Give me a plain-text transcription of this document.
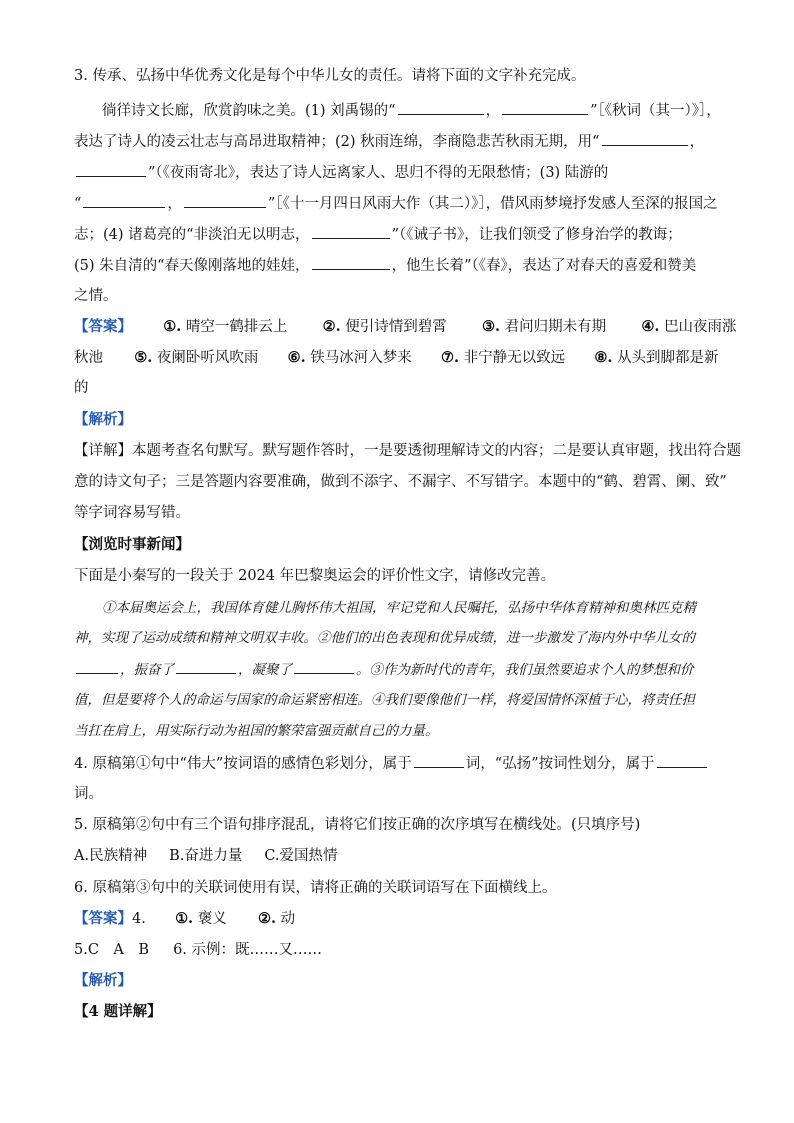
3. 传承、弘扬中华优秀文化是每个中华儿女的责任。请将下面的文字补充完成。
徜徉诗文长廊，欣赏韵味之美。(1) 刘禹锡的“	，	”［《秋词（其一）》］，
表达了诗人的凌云壮志与高昂进取精神；(2) 秋雨连绵，李商隐悲苦秋雨无期，用“	，
”（《夜雨寄北》，表达了诗人远离家人、思归不得的无限愁情；(3) 陆游的
“	，	”［《十一月四日风雨大作（其二）》］，借风雨梦境抒发感人至深的报国之
志；(4) 诸葛亮的“非淡泊无以明志，	”（《诫子书》，让我们领受了修身治学的教诲；
(5) 朱自清的“春天像刚落地的娃娃，	，他生长着”（《春》，表达了对春天的喜爱和赞美
之情。
【答案】 ①. 晴空一鹤排云上 ②. 便引诗情到碧霄 ③. 君问归期未有期 ④. 巴山夜雨涨
秋池 ⑤. 夜阑卧听风吹雨 ⑥. 铁马冰河入梦来 ⑦. 非宁静无以致远 ⑧. 从头到脚都是新
的
【解析】
【详解】本题考查名句默写。默写题作答时，一是要透彻理解诗文的内容；二是要认真审题，找出符合题
意的诗文句子；三是答题内容要准确，做到不添字、不漏字、不写错字。本题中的“鹤、碧霄、阑、致”
等字词容易写错。
【浏览时事新闻】
下面是小秦写的一段关于 2024 年巴黎奥运会的评价性文字，请修改完善。
①本届奥运会上，我国体育健儿胸怀伟大祖国，牢记党和人民嘱托，弘扬中华体育精神和奥林匹克精
神，实现了运动成绩和精神文明双丰收。②他们的出色表现和优异成绩，进一步激发了海内外中华儿女的
，振奋了	，凝聚了	。③作为新时代的青年，我们虽然要追求个人的梦想和价
值，但是要将个人的命运与国家的命运紧密相连。④我们要像他们一样，将爱国情怀深植于心，将责任担
当扛在肩上，用实际行动为祖国的繁荣富强贡献自己的力量。
4. 原稿第①句中“伟大”按词语的感情色彩划分，属于	词，“弘扬”按词性划分，属于
词。
5. 原稿第②句中有三个语句排序混乱，请将它们按正确的次序填写在横线处。(只填序号)
A.民族精神 B.奋进力量 C.爱国热情
6. 原稿第③句中的关联词使用有误，请将正确的关联词语写在下面横线上。
【答案】4. ①. 褒义 ②. 动
5.C　A　B 6. 示例：既……又……
【解析】
【4 题详解】
